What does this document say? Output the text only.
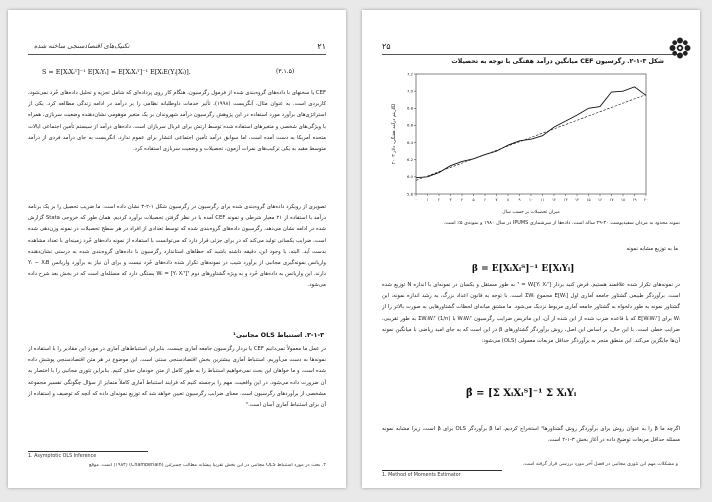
۲۱
تکنیک‌های اقتصادسنجی ساخته شده
S = E[XᵢXᵢᵀ]⁻¹ E[XᵢYᵢ] = E[XᵢXᵢᵀ]⁻¹ E[XᵢE(Yᵢ|Xᵢ)].	(۳.۱.۵)
CEF یا سخنهای با داده‌های گروه‌بندی شده از فرمول رگرسیون، هنگام کار روی پرداده‌ای که شامل تجزیه و تحلیل داده‌های خُرد نمی‌شود، کاربردی است. به عنوان مثال، آنگریست (۱۹۹۸)، تأثیر خدمات داوطلبانه نظامی را بر درآمد در ادامه زندگی مطالعه کرد. یکی از استراتژی‌های برآورد مورد استفاده در این پژوهش رگرسیون درآمد شهروندان بر یک متغیر موهومی نشان‌دهنده وضعیت سربازی، همراه با ویژگی‌های شخصی و متغیرهای استفاده شده توسط ارتش برای غربال سربازان است. داده‌های درآمد از سیستم تأمین اجتماعی ایالات متحده آمریکا به دست آمده است، اما سوابق درآمد تأمین اجتماعی انتشار برای عموم ندارد. انگریست به جای درآمد فردی از درآمد متوسط مقید به یکی ترکیب‌های نمرات آزمون، تحصیلات و وضعیت سربازی استفاده کرد.
تصویری از رویکرد داده‌های گروه‌بندی شده برای رگرسیون در رگرسیون شکل ۱-۲-۳ نشان داده است. ما ضریب تحصیل را بر یک برنامه درآمد با استفاده از ۲۱ معیار شرطی و نمونه CEF آمده با در نظر گرفتن تحصیلات برآورد کردیم. همان طور که خروجی Stata گزارش شده در ادامه نشان می‌دهد، رگرسیون داده‌های گروه‌بندی شده که توسط تعدادی از افراد در هر سطح تحصیلات در نمونه وزن‌دهی شده است، ضرایب یکسانی تولید می‌کند که در برای جزئی قرار دارد که می‌توانست با استفاده از نمونه داده‌های خُرد زمینه‌ای با تعداد مشاهده بدست آید. البته، با وجود این، دقیقه داشته باشید که خطاهای استاندارد رگرسیون با داده‌های گروه‌بندی شده به درستی نشان‌دهنده واریانس نمونه‌گیری مجانبی از برآورد شیب در نمونه‌های تکرار شده داده‌های خُرد نیست و برای آن نیاز به برآورد واریانس Yᵢ − XᵢΒ دارند. این واریانس به داده‌های خُرد و به ویژه گشتاورهای دوم Wᵢ = [Yᵢ Xᵢᵀ]ᵀ بستگی دارد که مسئله‌ای است که در بخش بعد شرح داده می‌شود.
۳-۱-۳. استنباط OLS مجانبی¹
در عمل ما معمولاً نمی‌دانیم CEF یا بردار رگرسیون جامعه آماری چیست. بنابراین استنباط‌های آماری در مورد این مقادیر را با استفاده از نمونه‌ها به دست می‌آوریم. استنباط آماری بیشترین بخش اقتصادسنجی سنتی است. این موضوع در هر متن اقتصادسنجی پوشش داده شده است، و ما خواهان این بحث نمی‌خواهیم استنباط را به طور کامل از متن خودمان حذف کنیم. بنابراین تئوری مجانبی را با اختصار به آن ضرورت داده می‌شود. در این واقعیت، مهم را برجسته کنیم که فرایند استنباط آماری کاملاً متمایز از سؤال چگونگی تفسیر مجموعه مشخصی از برآوردهای رگرسیون است. معنای ضرایب رگرسیون تعیین خواهد شد که توزیع نمونه‌ای داده که آنچه که توصیف و استفاده از آن برای استنباط آماری آسان است.²
1. Asymptotic OLS Inference
۲. بحث در مورد استنباط OLS مجانبی در این بخش تقریباً پیشانه مطالب چمبرلین (Chamberlain) (۱۹۸۴) است. موقع
۲۵
شکل ۳-۱-۲. رگرسیون CEF میانگین درآمد هفتگی با توجه به تحصیلات
5.8
6.0
6.2
6.4
6.6
6.8
7.0
7.2
۰ ۱ ۲ ۳ ۴ ۵ ۶ ۷ ۸ ۹ ۱۰ ۱۱ ۱۲ ۱۳ ۱۴ ۱۵ ۱۶ ۱۷ ۱۸ ۱۹ ۲۰
میزان تحصیلات بر حسب سال
لگاریتم درآمد هفتگی، دلار ۲۰۰۳
نمونه محدود به مردان سفیدپوست ۴۰-۴۹ ساله است. داده‌ها از سرشماری IPUMS در سال ۱۹۸۰ و نمونه‌ی ۵٪ است.
ما به توزیع مشابه نمونه
β = E[XᵢXᵢᵀ]⁻¹ E[XᵢYᵢ]
در نمونه‌های تکرار شده علاقمند هستیم. فرض کنید بردار [Yᵢ Xᵢᵀ]ᵀ = Wᵢ به طور مستقل و یکسان در نمونه‌ای با اندازه N توزیع شده است. برآوردگر طبیعی گشتاور جامعه آماری اول E[Wᵢ] مجموع ΣWᵢ است. با توجه به قانون اعداد بزرگ، به رشد اندازه نمونه، این گشتاور نمونه به طور دلخواه به گشتاور جامعه آماری مربوط نزدیک می‌شود. ما مشتق میانه‌ای لحظات گشتاورهایی به صورت بالاتر را از Wᵢ برای E[WᵢWᵢᵀ] که با قاعده ضرب شده از این شده از آن، این ماتریس ضرایب رگرسیون WᵢWᵢᵀ با ΣWᵢWᵢᵀ (1/n) به طور تقریبی، ضرایب خطی است. با این حال، بر اساس این اصل، روش برآوردگر گشتاورهای β در این است که به جای امید ریاضی با میانگین نمونه آن‌ها جایگزین می‌کند. این منطق منجر به برآوردگر حداقل مربعات معمولی (OLS) می‌شود:
β̂ = [Σ XᵢXᵢᵀ]⁻¹ Σ XᵢYᵢ
اگرچه ما β را به عنوان روش برای برآوردگر روش گشتاورها¹ استخراج کردیم، اما β برآوردگر OLS برای β است، زیرا مشابه نمونه مسئله حداقل مربعات توضیح داده در آغاز بخش ۳-۱-۲ است.
و مشکلات مهم این تئوری مجانبی در فصل آخر مورد بررسی قرار گرفته است.
1. Method of Moments Estimator
